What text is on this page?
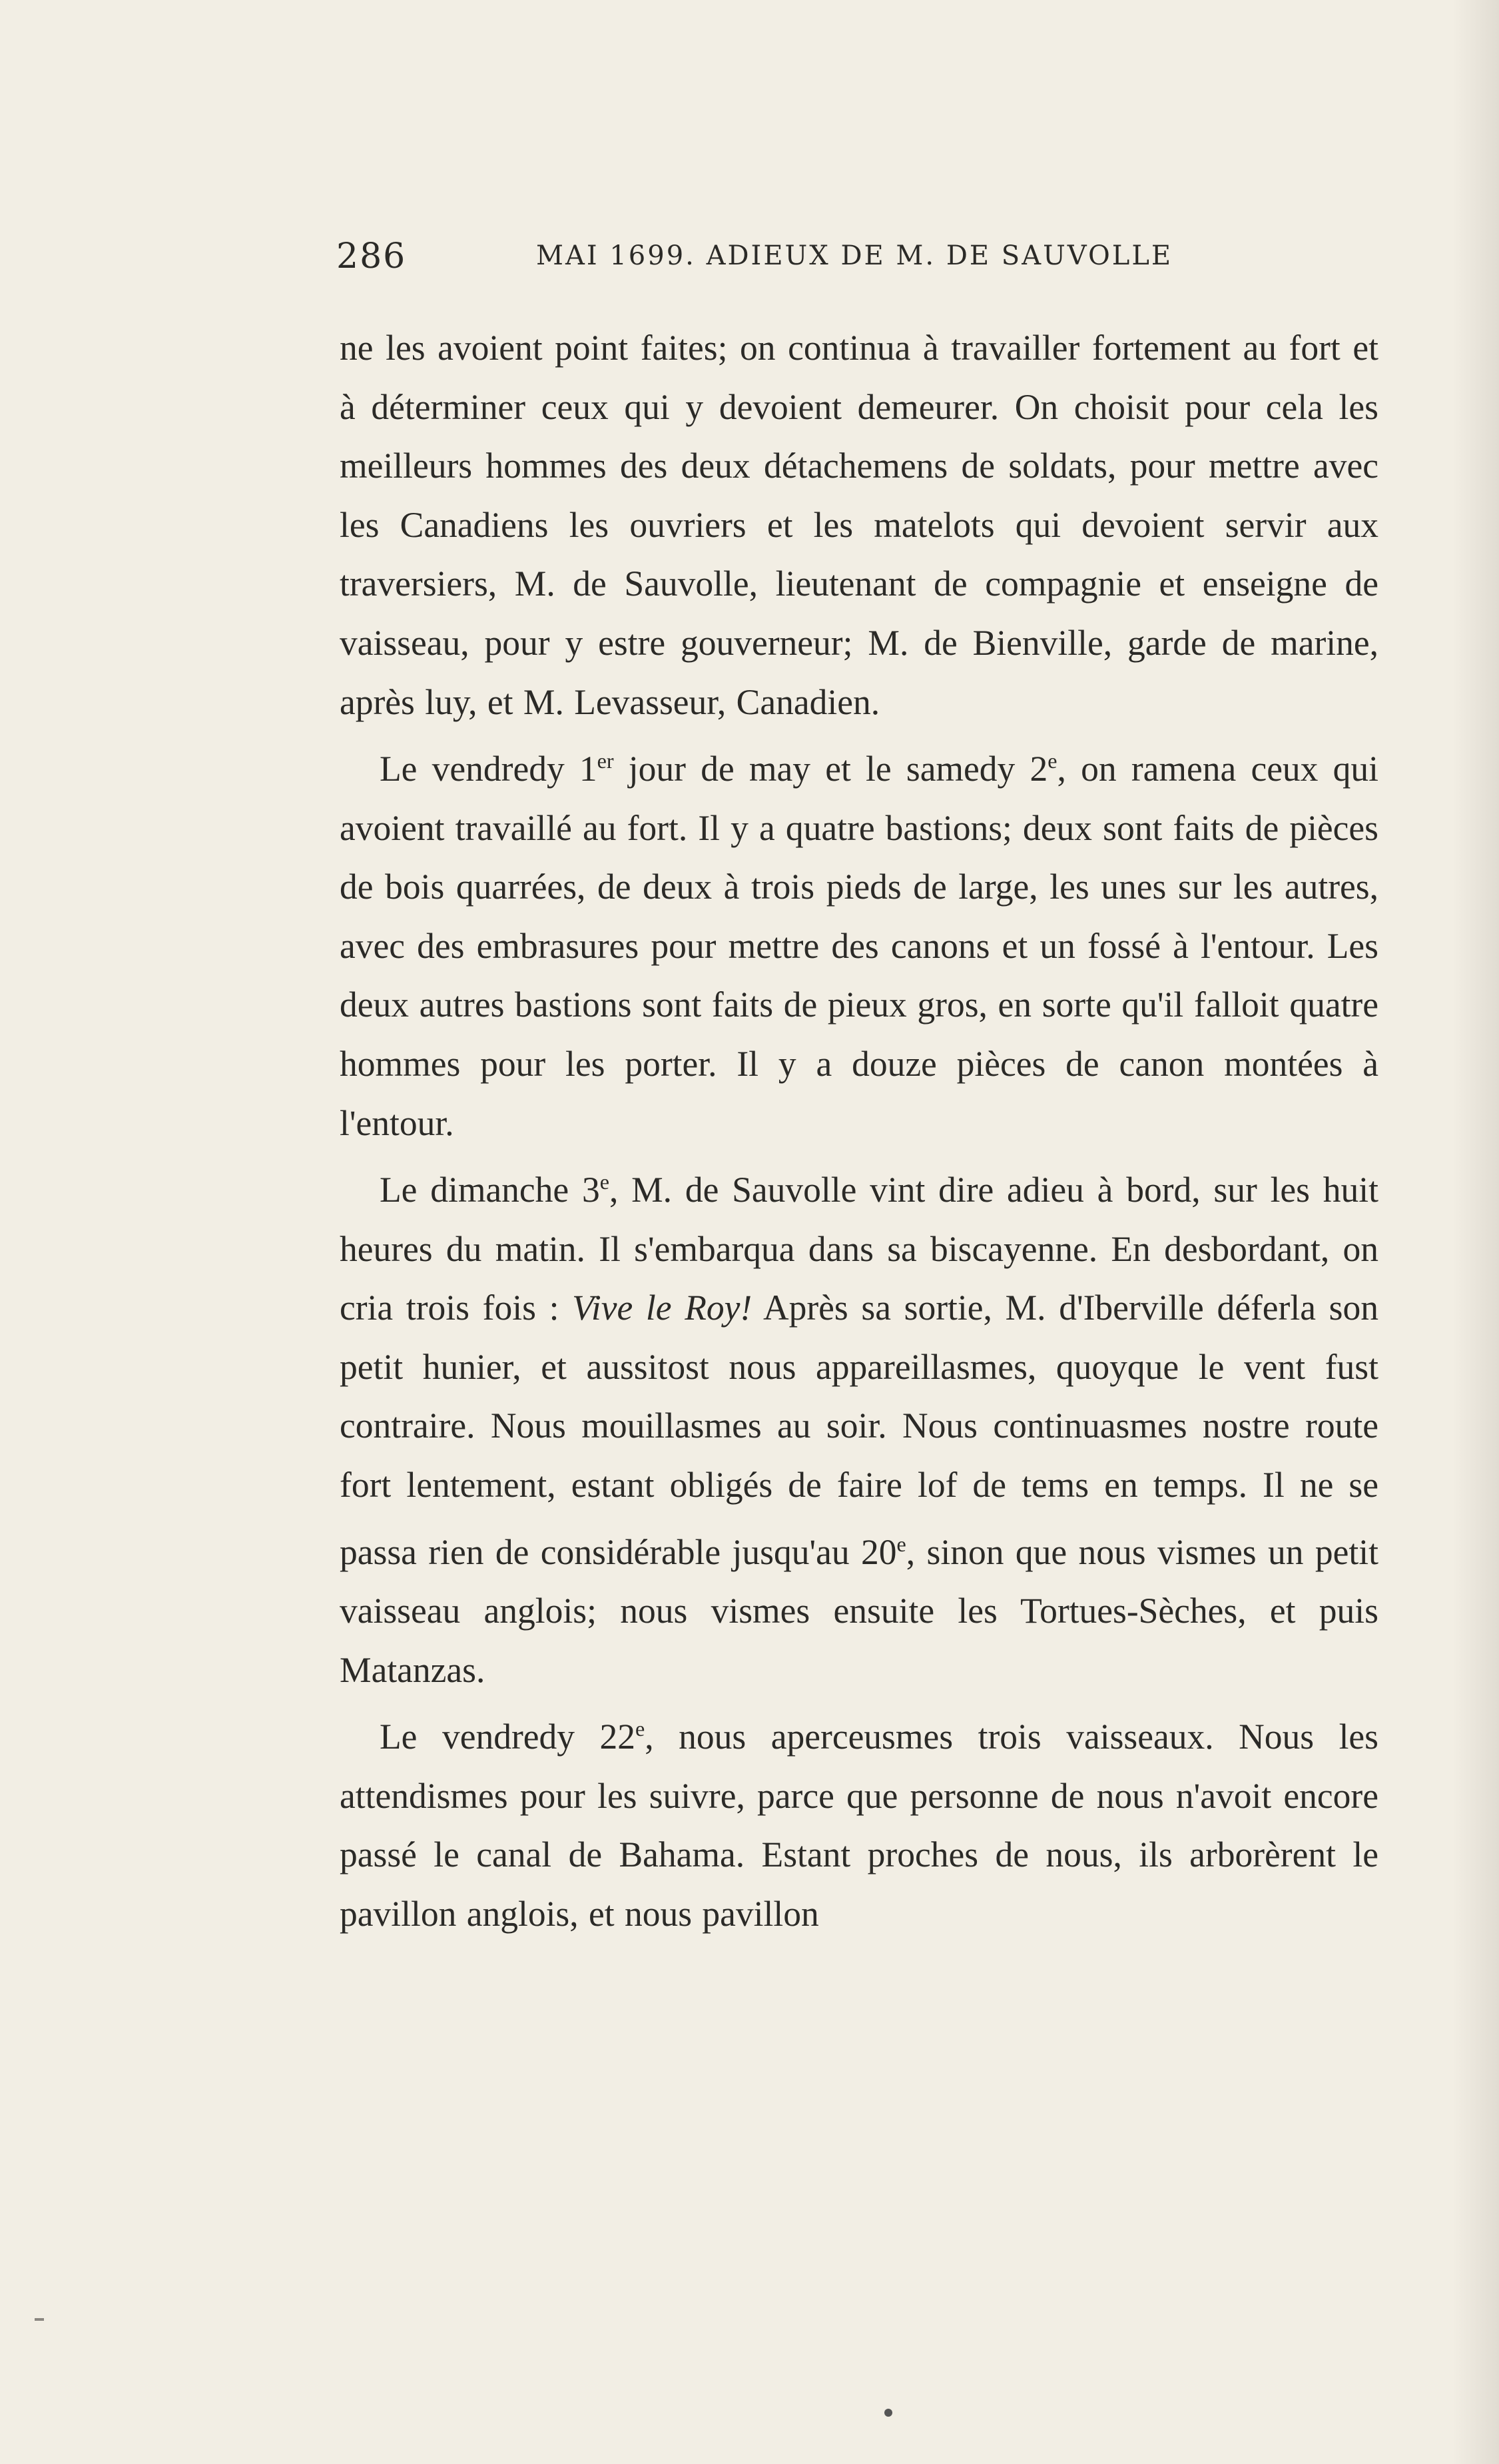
286	MAI 1699. ADIEUX DE M. DE SAUVOLLE

ne les avoient point faites; on continua à travailler fortement au fort et à déterminer ceux qui y devoient demeurer. On choisit pour cela les meilleurs hommes des deux détachemens de soldats, pour mettre avec les Canadiens les ouvriers et les matelots qui devoient servir aux traversiers, M. de Sauvolle, lieutenant de compagnie et enseigne de vaisseau, pour y estre gouverneur; M. de Bienville, garde de marine, après luy, et M. Levasseur, Canadien.

Le vendredy 1er jour de may et le samedy 2e, on ramena ceux qui avoient travaillé au fort. Il y a quatre bastions; deux sont faits de pièces de bois quarrées, de deux à trois pieds de large, les unes sur les autres, avec des embrasures pour mettre des canons et un fossé à l'entour. Les deux autres bastions sont faits de pieux gros, en sorte qu'il falloit quatre hommes pour les porter. Il y a douze pièces de canon montées à l'entour.

Le dimanche 3e, M. de Sauvolle vint dire adieu à bord, sur les huit heures du matin. Il s'embarqua dans sa biscayenne. En desbordant, on cria trois fois : Vive le Roy! Après sa sortie, M. d'Iberville déferla son petit hunier, et aussitost nous appareillasmes, quoyque le vent fust contraire. Nous mouillasmes au soir. Nous continuasmes nostre route fort lentement, estant obligés de faire lof de tems en temps. Il ne se passa rien de considérable jusqu'au 20e, sinon que nous vismes un petit vaisseau anglois; nous vismes ensuite les Tortues-Sèches, et puis Matanzas.

Le vendredy 22e, nous aperceusmes trois vaisseaux. Nous les attendismes pour les suivre, parce que personne de nous n'avoit encore passé le canal de Bahama. Estant proches de nous, ils arborèrent le pavillon anglois, et nous pavillon
